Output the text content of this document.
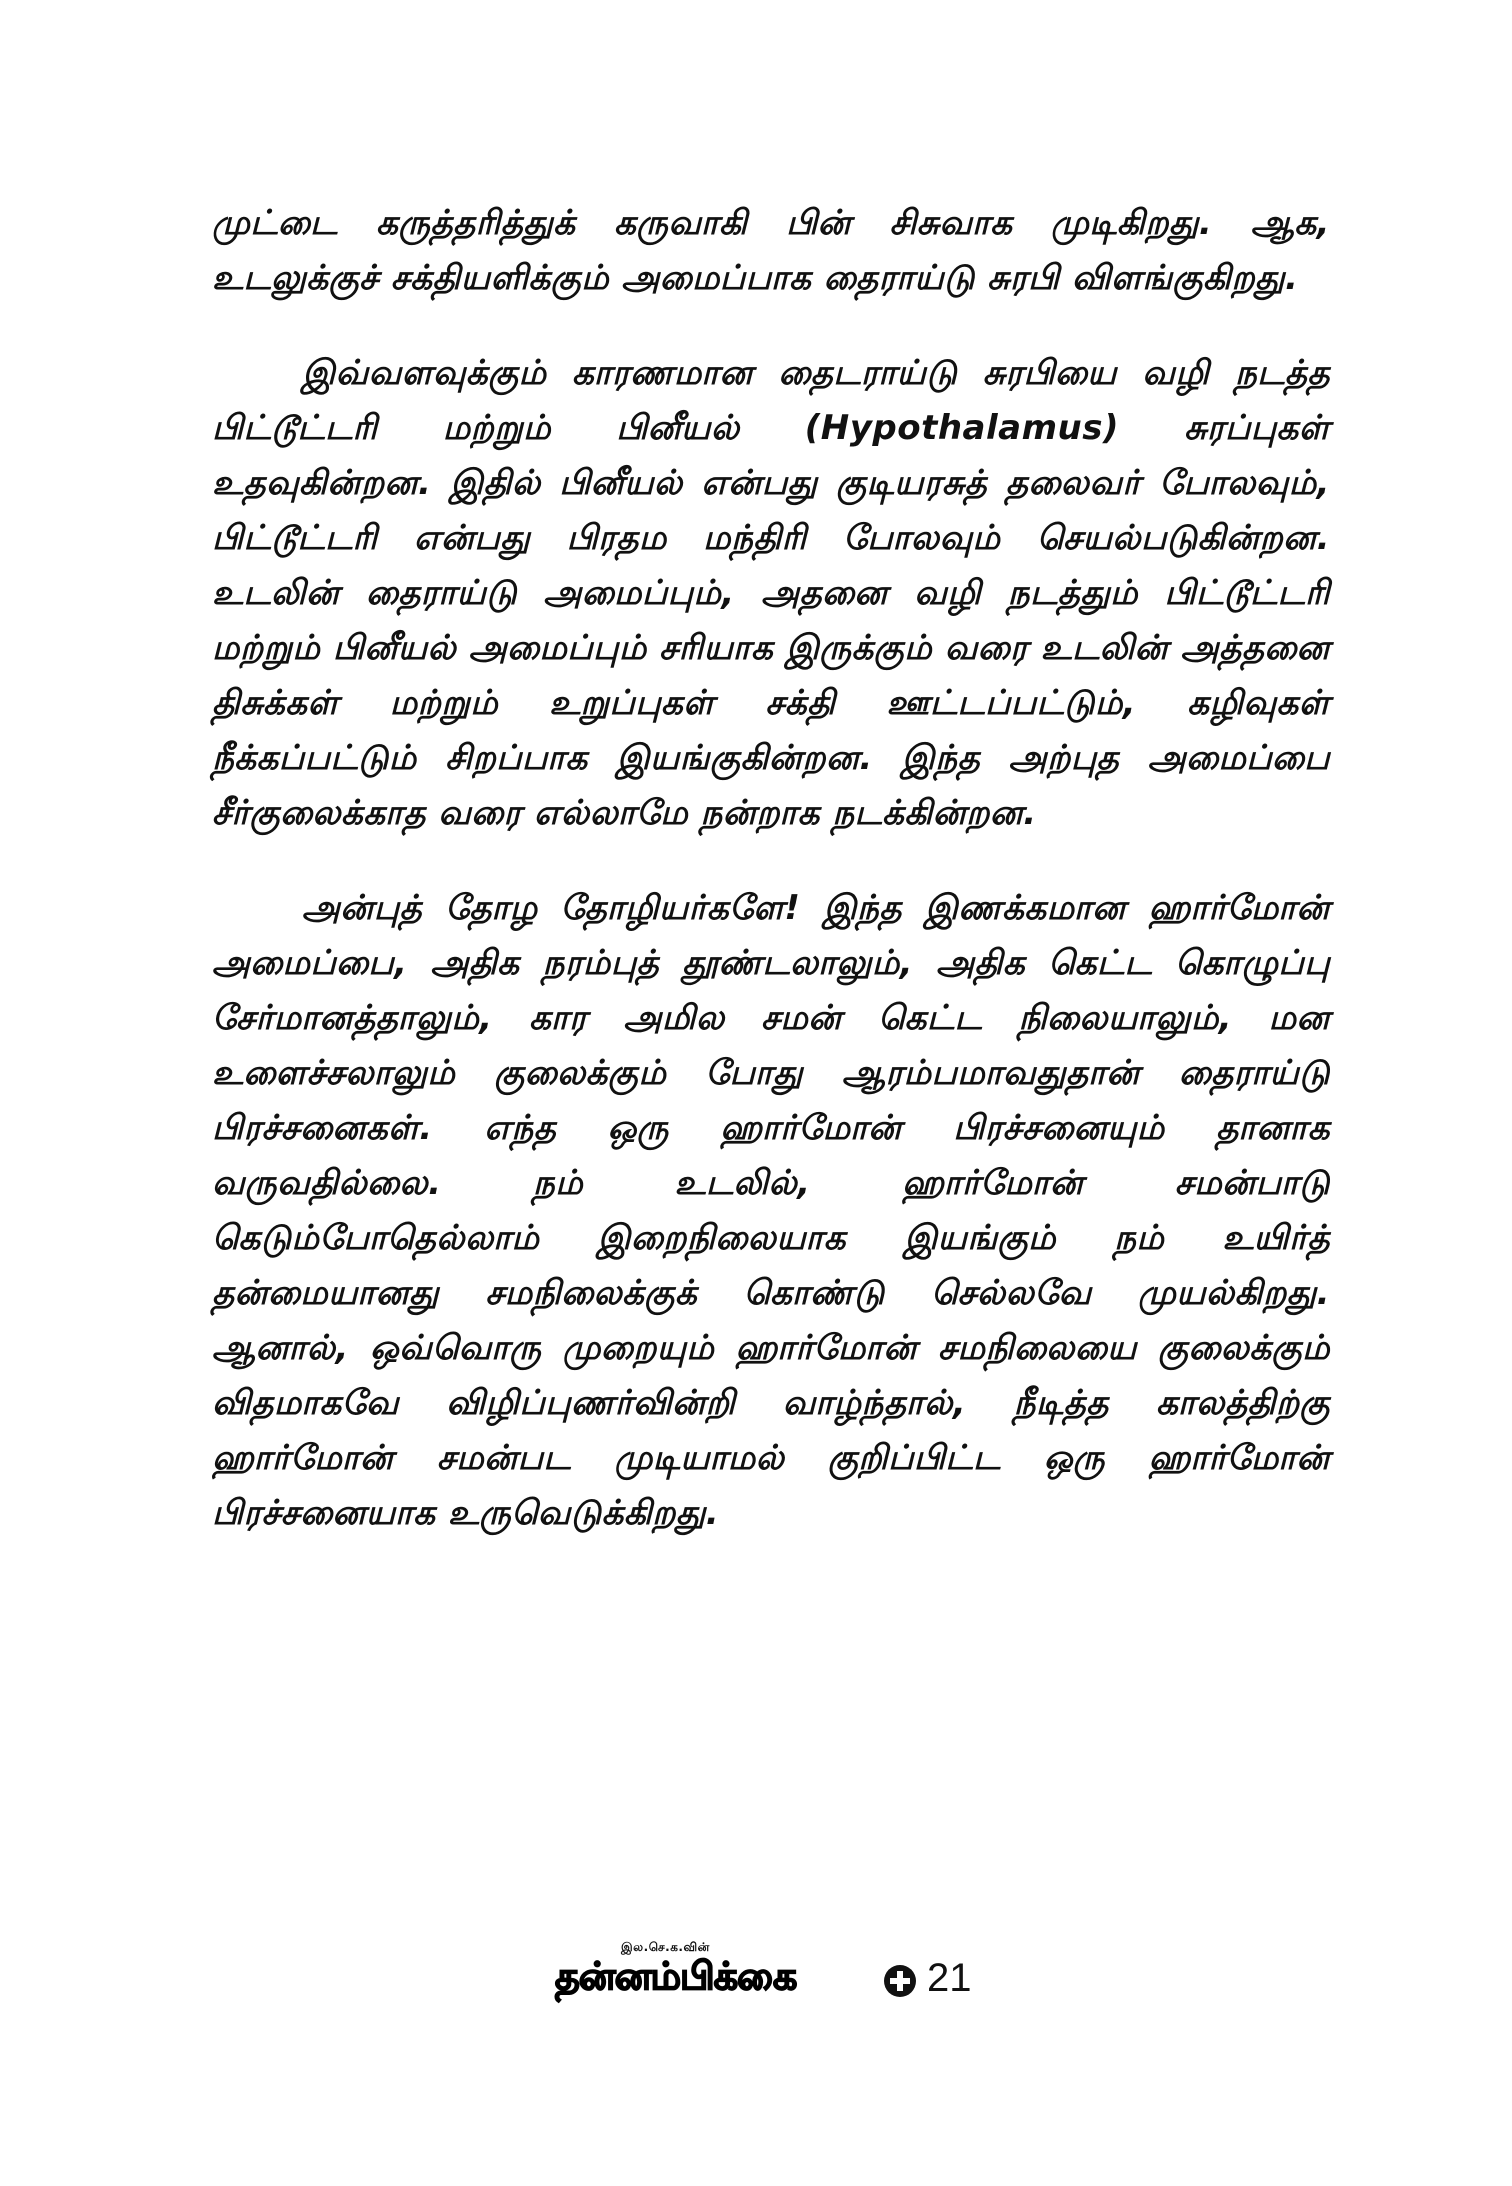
முட்டை கருத்தரித்துக் கருவாகி பின் சிசுவாக முடிகிறது. ஆக, உடலுக்குச் சக்தியளிக்கும் அமைப்பாக தைராய்டு சுரபி விளங்குகிறது.

இவ்வளவுக்கும் காரணமான தைடராய்டு சுரபியை வழி நடத்த பிட்டூட்டரி மற்றும் பினீயல் (Hypothalamus) சுரப்புகள் உதவுகின்றன. இதில் பினீயல் என்பது குடியரசுத் தலைவர் போலவும், பிட்டூட்டரி என்பது பிரதம மந்திரி போலவும் செயல்படுகின்றன. உடலின் தைராய்டு அமைப்பும், அதனை வழி நடத்தும் பிட்டூட்டரி மற்றும் பினீயல் அமைப்பும் சரியாக இருக்கும் வரை உடலின் அத்தனை திசுக்கள் மற்றும் உறுப்புகள் சக்தி ஊட்டப்பட்டும், கழிவுகள் நீக்கப்பட்டும் சிறப்பாக இயங்குகின்றன. இந்த அற்புத அமைப்பை சீர்குலைக்காத வரை எல்லாமே நன்றாக நடக்கின்றன.

அன்புத் தோழ தோழியர்களே! இந்த இணக்கமான ஹார்மோன் அமைப்பை, அதிக நரம்புத் தூண்டலாலும், அதிக கெட்ட கொழுப்பு சேர்மானத்தாலும், கார அமில சமன் கெட்ட நிலையாலும், மன உளைச்சலாலும் குலைக்கும் போது ஆரம்பமாவதுதான் தைராய்டு பிரச்சனைகள். எந்த ஒரு ஹார்மோன் பிரச்சனையும் தானாக வருவதில்லை. நம் உடலில், ஹார்மோன் சமன்பாடு கெடும்போதெல்லாம் இறைநிலையாக இயங்கும் நம் உயிர்த் தன்மையானது சமநிலைக்குக் கொண்டு செல்லவே முயல்கிறது. ஆனால், ஒவ்வொரு முறையும் ஹார்மோன் சமநிலையை குலைக்கும் விதமாகவே விழிப்புணர்வின்றி வாழ்ந்தால், நீடித்த காலத்திற்கு ஹார்மோன் சமன்பட முடியாமல் குறிப்பிட்ட ஒரு ஹார்மோன் பிரச்சனையாக உருவெடுக்கிறது.

இல.செ.க.வின்
தன்னம்பிக்கை	21
